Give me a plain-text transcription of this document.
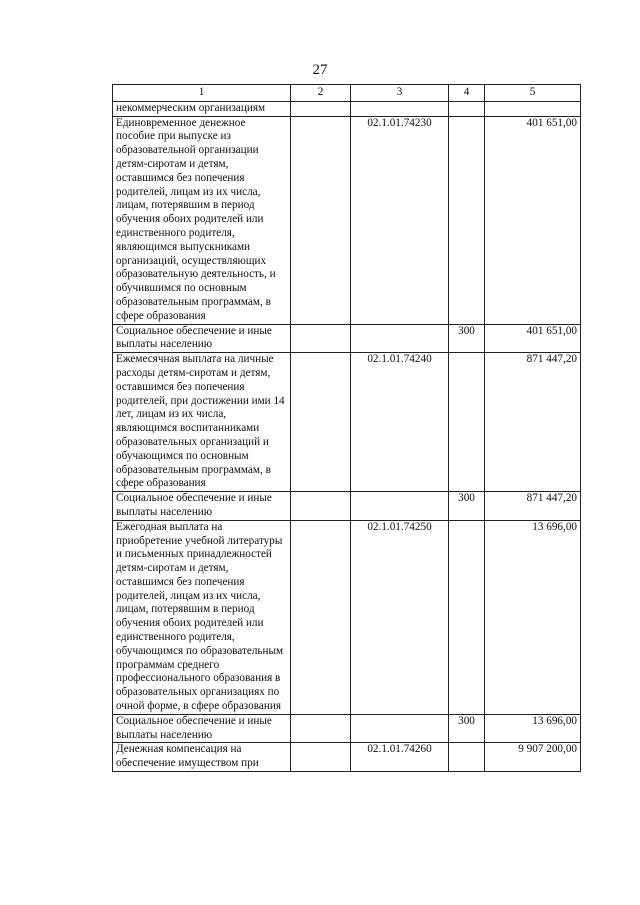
27
1	2	3	4	5
некоммерческим организациям				
Единовременное денежное пособие при выпуске из образовательной организации детям-сиротам и детям, оставшимся без попечения родителей, лицам из их числа, лицам, потерявшим в период обучения обоих родителей или единственного родителя, являющимся выпускниками организаций, осуществляющих образовательную деятельность, и обучившимся по основным образовательным программам, в сфере образования		02.1.01.74230		401 651,00
Социальное обеспечение и иные выплаты населению			300	401 651,00
Ежемесячная выплата на личные расходы детям-сиротам и детям, оставшимся без попечения родителей, при достижении ими 14 лет, лицам из их числа, являющимся воспитанниками образовательных организаций и обучающимся по основным образовательным программам, в сфере образования		02.1.01.74240		871 447,20
Социальное обеспечение и иные выплаты населению			300	871 447,20
Ежегодная выплата на приобретение учебной литературы и письменных принадлежностей детям-сиротам и детям, оставшимся без попечения родителей, лицам из их числа, лицам, потерявшим в период обучения обоих родителей или единственного родителя, обучающимся по образовательным программам среднего профессионального образования в образовательных организациях по очной форме, в сфере образования		02.1.01.74250		13 696,00
Социальное обеспечение и иные выплаты населению			300	13 696,00
Денежная компенсация на обеспечение имуществом при		02.1.01.74260		9 907 200,00
